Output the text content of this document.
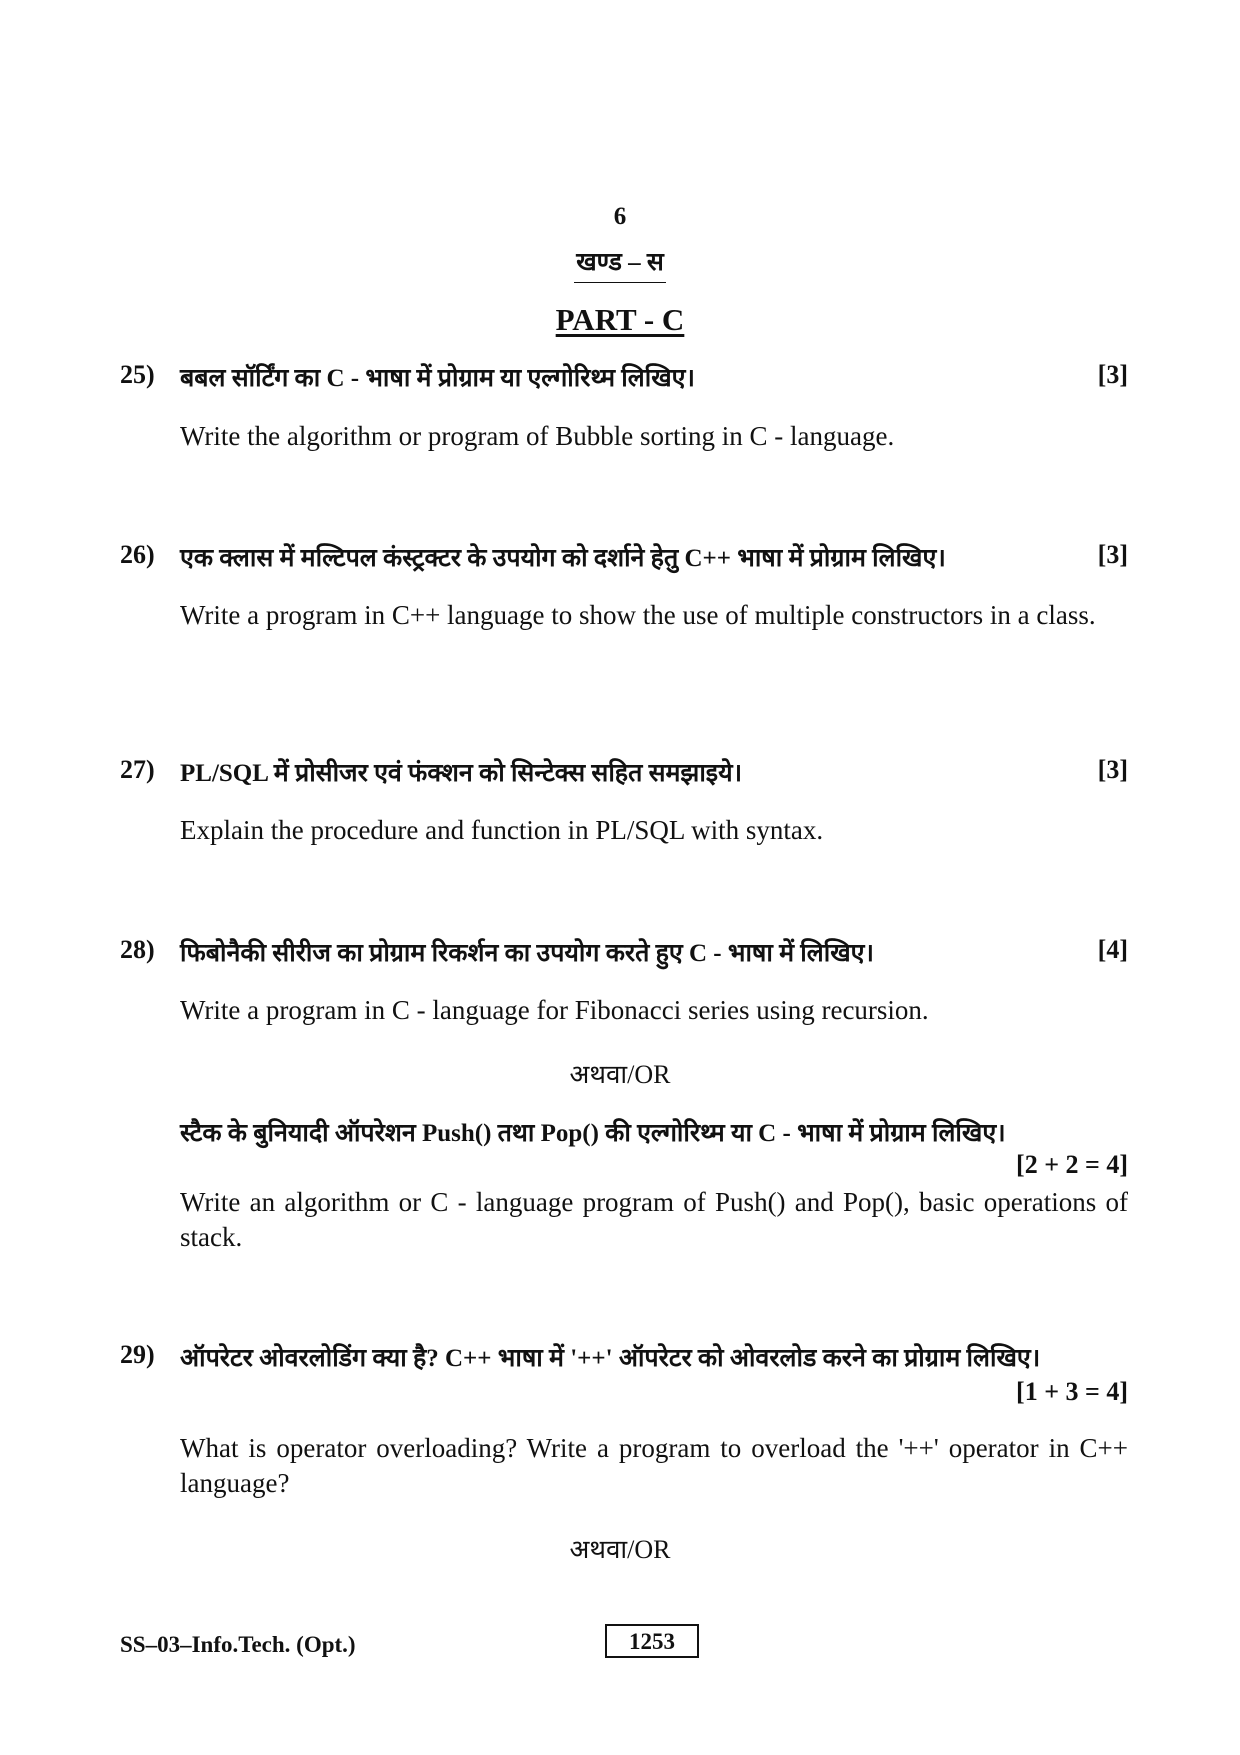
6
खण्ड – स
PART - C
25) बबल सॉर्टिंग का C - भाषा में प्रोग्राम या एल्गोरिथ्म लिखिए।	[3]
Write the algorithm or program of Bubble sorting in C - language.
26) एक क्लास में मल्टिपल कंस्ट्रक्टर के उपयोग को दर्शाने हेतु C++ भाषा में प्रोग्राम लिखिए।	[3]
Write a program in C++ language to show the use of multiple constructors in a class.
27) PL/SQL में प्रोसीजर एवं फंक्शन को सिन्टेक्स सहित समझाइये।	[3]
Explain the procedure and function in PL/SQL with syntax.
28) फिबोनैकी सीरीज का प्रोग्राम रिकर्शन का उपयोग करते हुए C - भाषा में लिखिए।	[4]
Write a program in C - language for Fibonacci series using recursion.
अथवा/OR
स्टैक के बुनियादी ऑपरेशन Push() तथा Pop() की एल्गोरिथ्म या C - भाषा में प्रोग्राम लिखिए।
[2 + 2 = 4]
Write an algorithm or C - language program of Push() and Pop(), basic operations of stack.
29) ऑपरेटर ओवरलोडिंग क्या है? C++ भाषा में '++' ऑपरेटर को ओवरलोड करने का प्रोग्राम लिखिए।
[1 + 3 = 4]
What is operator overloading? Write a program to overload the '++' operator in C++ language?
अथवा/OR
SS–03–Info.Tech. (Opt.)	1253
